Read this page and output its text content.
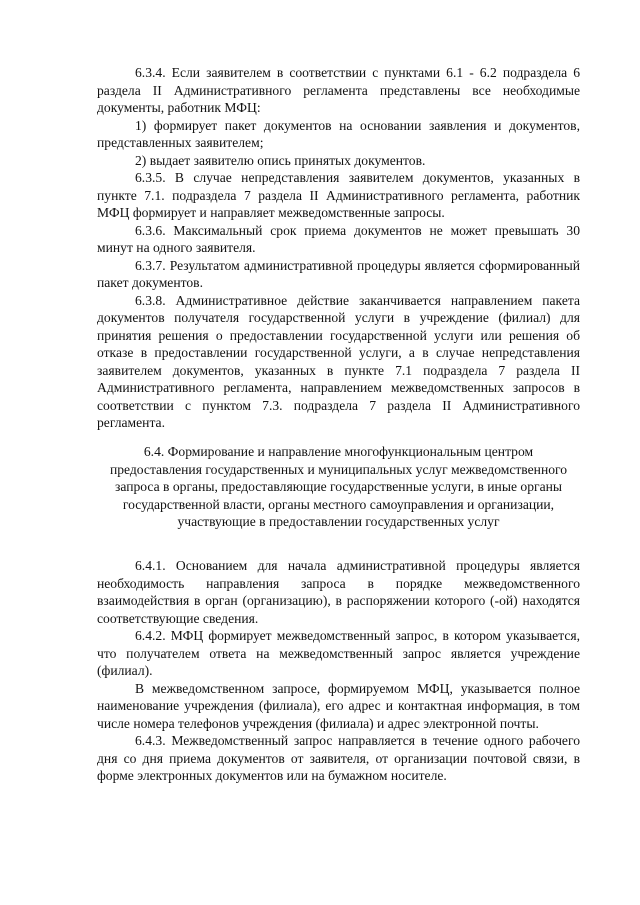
6.3.4. Если заявителем в соответствии с пунктами 6.1 - 6.2 подраздела 6 раздела II Административного регламента представлены все необходимые документы, работник МФЦ:

1) формирует пакет документов на основании заявления и документов, представленных заявителем;

2) выдает заявителю опись принятых документов.

6.3.5. В случае непредставления заявителем документов, указанных в пункте 7.1. подраздела 7 раздела II Административного регламента, работник МФЦ формирует и направляет межведомственные запросы.

6.3.6. Максимальный срок приема документов не может превышать 30 минут на одного заявителя.

6.3.7. Результатом административной процедуры является сформированный пакет документов.

6.3.8. Административное действие заканчивается направлением пакета документов получателя государственной услуги в учреждение (филиал) для принятия решения о предоставлении государственной услуги или решения об отказе в предоставлении государственной услуги, а в случае непредставления заявителем документов, указанных в пункте 7.1 подраздела 7 раздела II Административного регламента, направлением межведомственных запросов в соответствии с пунктом 7.3. подраздела 7 раздела II Административного регламента.

6.4. Формирование и направление многофункциональным центром предоставления государственных и муниципальных услуг межведомственного запроса в органы, предоставляющие государственные услуги, в иные органы государственной власти, органы местного самоуправления и организации, участвующие в предоставлении государственных услуг

6.4.1. Основанием для начала административной процедуры является необходимость направления запроса в порядке межведомственного взаимодействия в орган (организацию), в распоряжении которого (-ой) находятся соответствующие сведения.

6.4.2. МФЦ формирует межведомственный запрос, в котором указывается, что получателем ответа на межведомственный запрос является учреждение (филиал).

В межведомственном запросе, формируемом МФЦ, указывается полное наименование учреждения (филиала), его адрес и контактная информация, в том числе номера телефонов учреждения (филиала) и адрес электронной почты.

6.4.3. Межведомственный запрос направляется в течение одного рабочего дня со дня приема документов от заявителя, от организации почтовой связи, в форме электронных документов или на бумажном носителе.
